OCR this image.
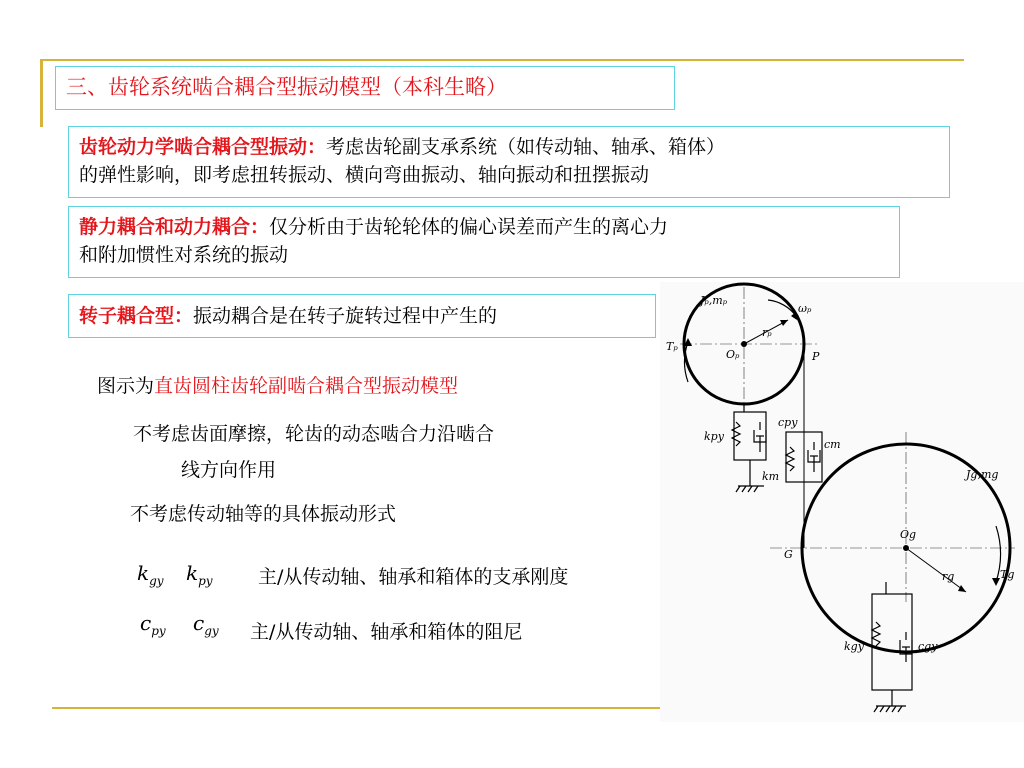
三、齿轮系统啮合耦合型振动模型（本科生略）
齿轮动力学啮合耦合型振动：考虑齿轮副支承系统（如传动轴、轴承、箱体）
的弹性影响，即考虑扭转振动、横向弯曲振动、轴向振动和扭摆振动
静力耦合和动力耦合：仅分析由于齿轮轮体的偏心误差而产生的离心力
和附加惯性对系统的振动
转子耦合型：振动耦合是在转子旋转过程中产生的
图示为直齿圆柱齿轮副啮合耦合型振动模型
不考虑齿面摩擦，轮齿的动态啮合力沿啮合
线方向作用
不考虑传动轴等的具体振动形式
$k_{gy}$ $k_{py}$ 主/从传动轴、轴承和箱体的支承刚度
$c_{py}$ $c_{gy}$ 主/从传动轴、轴承和箱体的阻尼
Jₚ,mₚ
ωₚ
Tₚ
Oₚ
rₚ
P
kpy
cpy
cm
km	Jg,mg
Og
G
rg	Tg
kgy	cgy
